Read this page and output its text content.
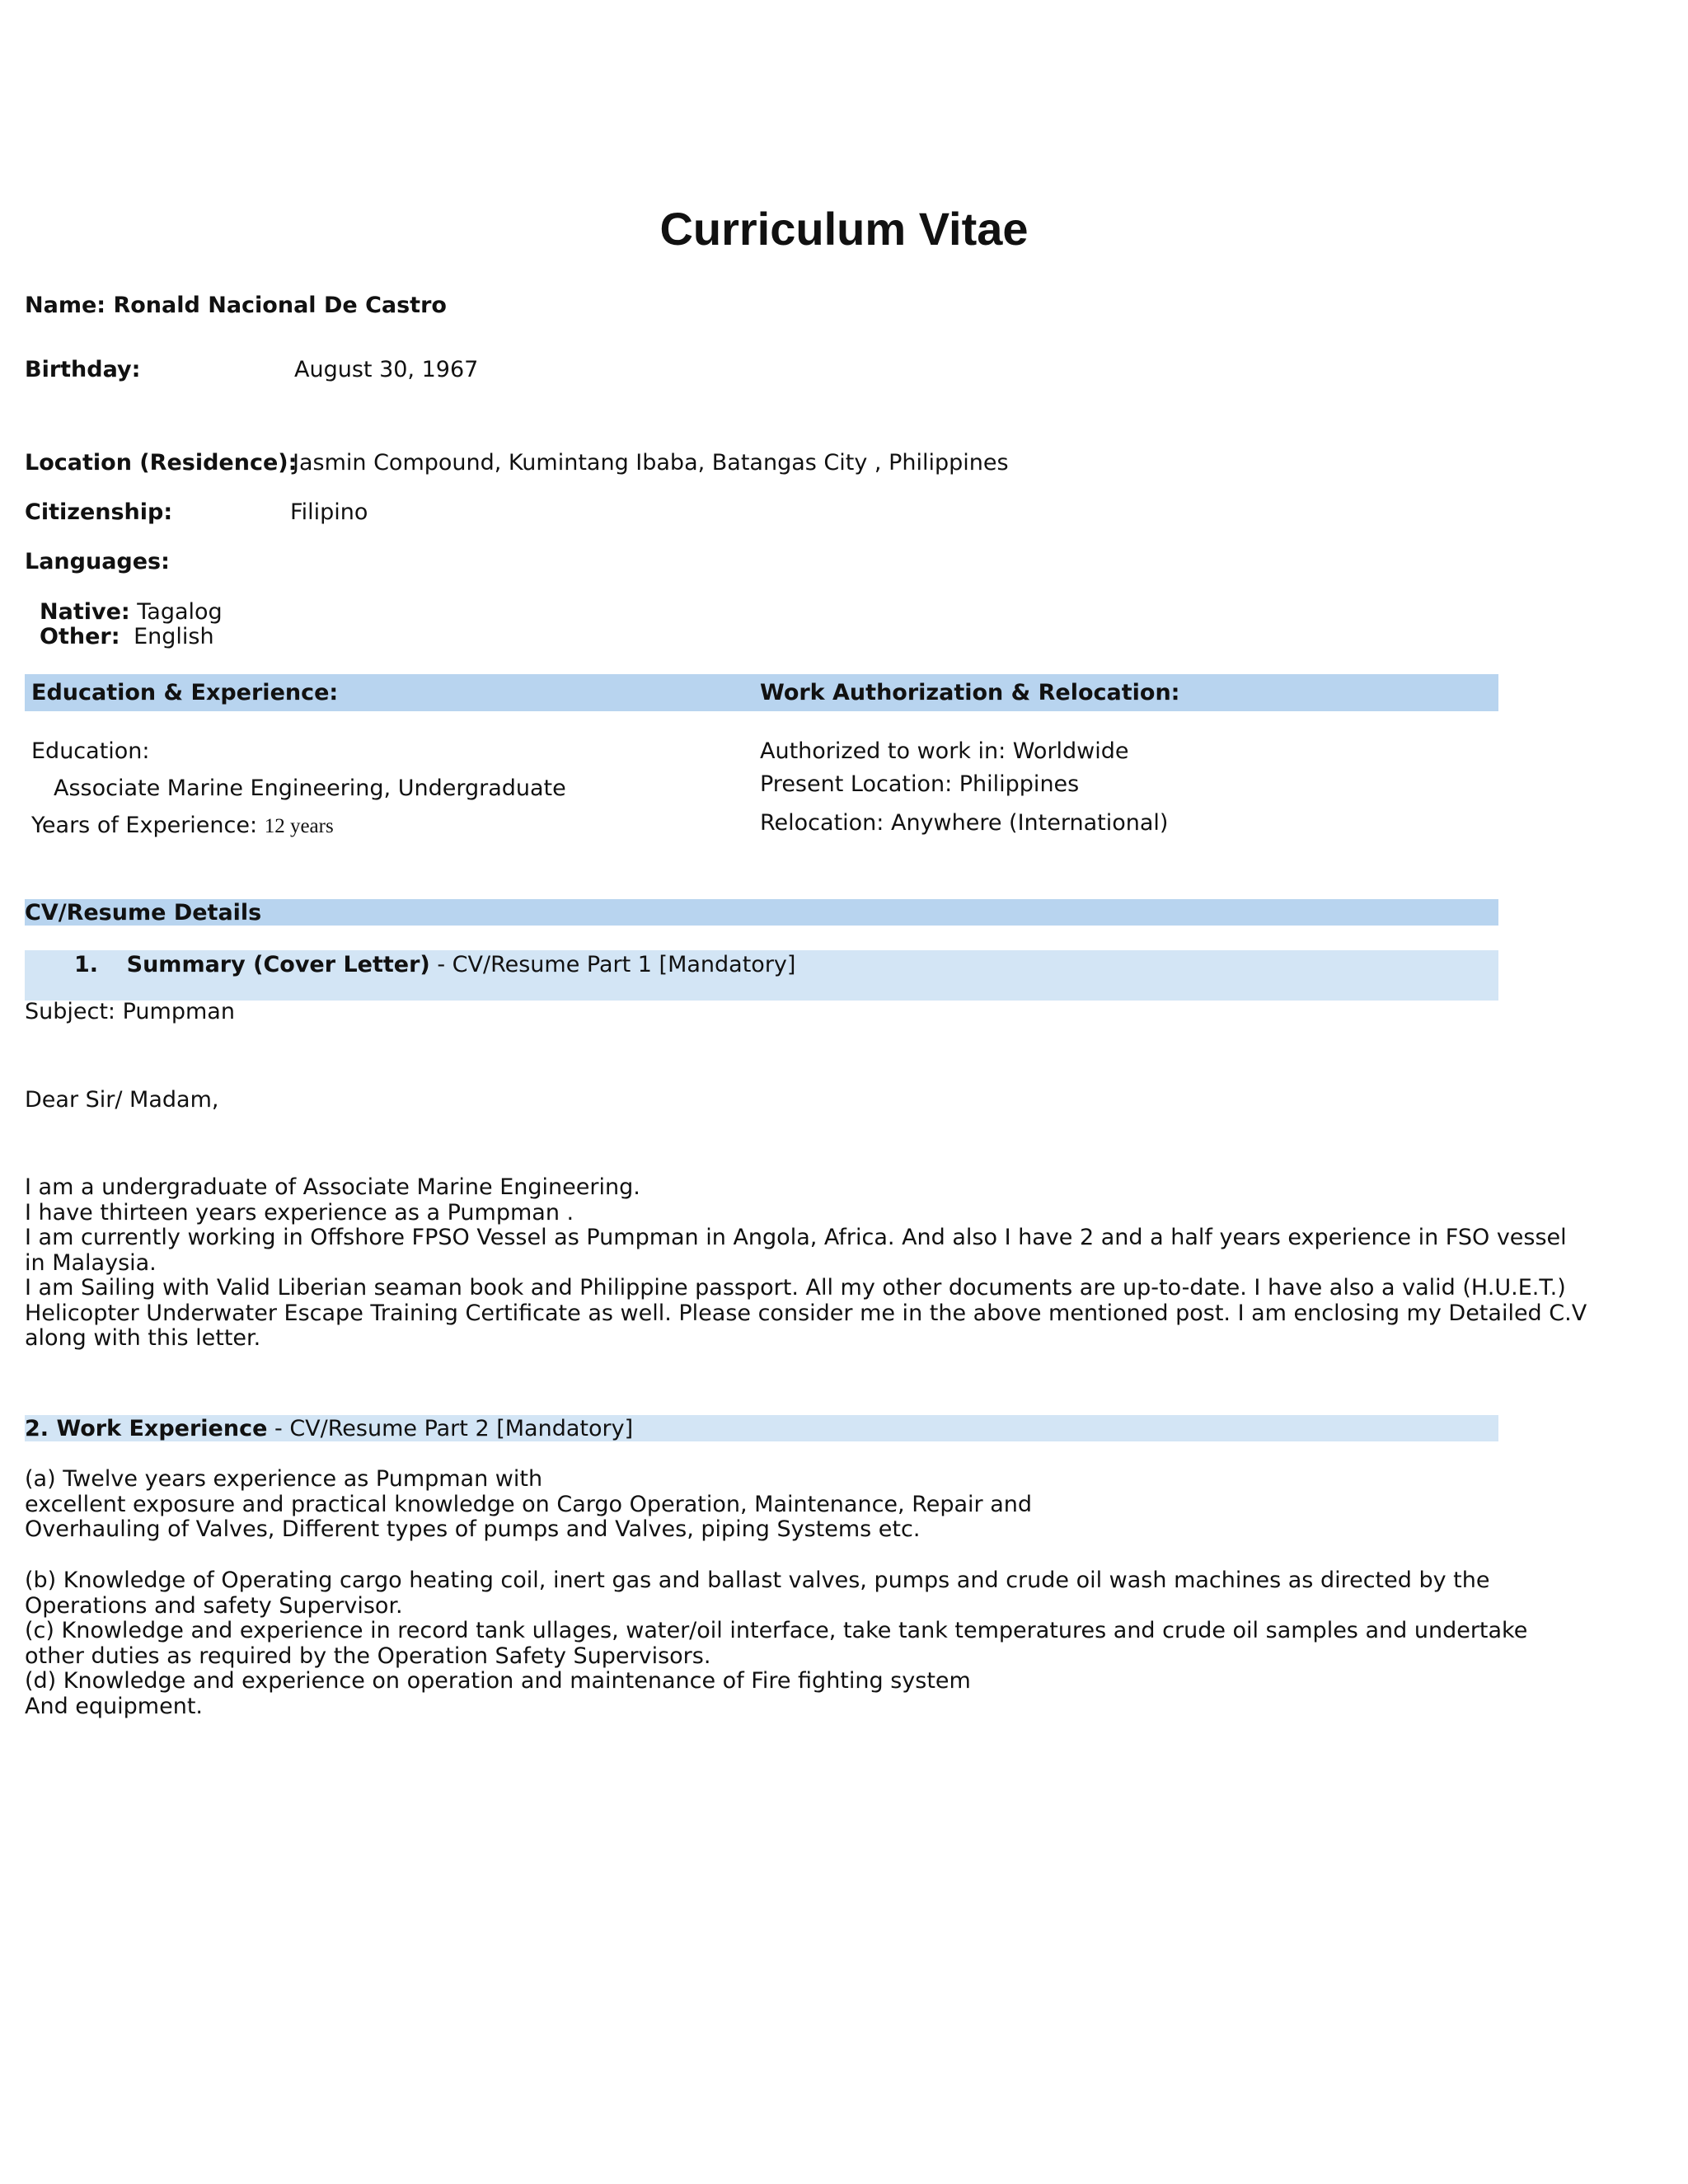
Curriculum Vitae
Name: Ronald Nacional De Castro
Birthday:	August 30, 1967
Location (Residence):
Jasmin Compound, Kumintang Ibaba, Batangas City , Philippines
Citizenship:	Filipino
Languages:
Native: Tagalog
Other: English
Education & Experience:	Work Authorization & Relocation:
Education:
Associate Marine Engineering, Undergraduate
Years of Experience: 12 years
Authorized to work in: Worldwide
Present Location: Philippines
Relocation: Anywhere (International)
CV/Resume Details
1. Summary (Cover Letter) - CV/Resume Part 1 [Mandatory]
Subject: Pumpman
Dear Sir/ Madam,
I am a undergraduate of Associate Marine Engineering.
I have thirteen years experience as a Pumpman .
I am currently working in Offshore FPSO Vessel as Pumpman in Angola, Africa. And also I have 2 and a half years experience in FSO vessel
in Malaysia.
I am Sailing with Valid Liberian seaman book and Philippine passport. All my other documents are up-to-date. I have also a valid (H.U.E.T.)
Helicopter Underwater Escape Training Certificate as well. Please consider me in the above mentioned post. I am enclosing my Detailed C.V
along with this letter.
2. Work Experience - CV/Resume Part 2 [Mandatory]
(a) Twelve years experience as Pumpman with
excellent exposure and practical knowledge on Cargo Operation, Maintenance, Repair and
Overhauling of Valves, Different types of pumps and Valves, piping Systems etc.
(b) Knowledge of Operating cargo heating coil, inert gas and ballast valves, pumps and crude oil wash machines as directed by the
Operations and safety Supervisor.
(c) Knowledge and experience in record tank ullages, water/oil interface, take tank temperatures and crude oil samples and undertake
other duties as required by the Operation Safety Supervisors.
(d) Knowledge and experience on operation and maintenance of Fire fighting system
And equipment.
